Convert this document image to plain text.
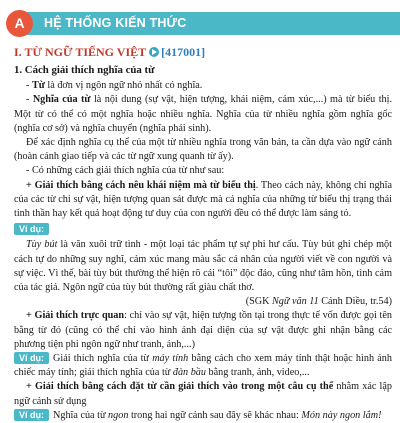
A	HỆ THỐNG KIẾN THỨC
I. TỪ NGỮ TIẾNG VIỆT [417001]
1. Cách giải thích nghĩa của từ

- Từ là đơn vị ngôn ngữ nhỏ nhất có nghĩa.

- Nghĩa của từ là nội dung (sự vật, hiện tượng, khái niệm, cảm xúc,...) mà từ biểu thị. Một từ có thể có một nghĩa hoặc nhiều nghĩa. Nghĩa của từ nhiều nghĩa gồm nghĩa gốc (nghĩa cơ sở) và nghĩa chuyển (nghĩa phái sinh).

Để xác định nghĩa cụ thể của một từ nhiều nghĩa trong văn bản, ta cần dựa vào ngữ cảnh (hoàn cảnh giao tiếp và các từ ngữ xung quanh từ ấy).

- Có những cách giải thích nghĩa của từ như sau:

+ Giải thích bằng cách nêu khái niệm mà từ biểu thị. Theo cách này, không chỉ nghĩa của các từ chỉ sự vật, hiện tượng quan sát được mà cả nghĩa của những từ biểu thị trạng thái tinh thần hay kết quả hoạt động tư duy của con người đều có thể được làm sáng tỏ.

Ví dụ:

Tùy bút là văn xuôi trữ tình - một loại tác phẩm tự sự phi hư cấu. Tùy bút ghi chép một cách tự do những suy nghĩ, cảm xúc mang màu sắc cá nhân của người viết về con người và sự việc. Vì thế, bài tùy bút thường thể hiện rõ cái “tôi” độc đáo, cũng như tâm hồn, tình cảm của tác giả. Ngôn ngữ của tùy bút thường rất giàu chất thơ.

(SGK Ngữ văn 11 Cánh Diều, tr.54)

+ Giải thích trực quan: chỉ vào sự vật, hiện tượng tồn tại trong thực tế vốn được gọi tên bằng từ đó (cũng có thể chỉ vào hình ảnh đại diện của sự vật được ghi nhận bằng các phương tiện phi ngôn ngữ như tranh, ảnh,...)

Ví dụ: Giải thích nghĩa của từ máy tính bằng cách cho xem máy tính thật hoặc hình ảnh chiếc máy tính; giải thích nghĩa của từ đàn bầu bằng tranh, ảnh, video,...

+ Giải thích bằng cách đặt từ cần giải thích vào trong một câu cụ thể nhằm xác lập ngữ cảnh sử dụng

Ví dụ: Nghĩa của từ ngon trong hai ngữ cảnh sau đây sẽ khác nhau: Món này ngon lắm!
